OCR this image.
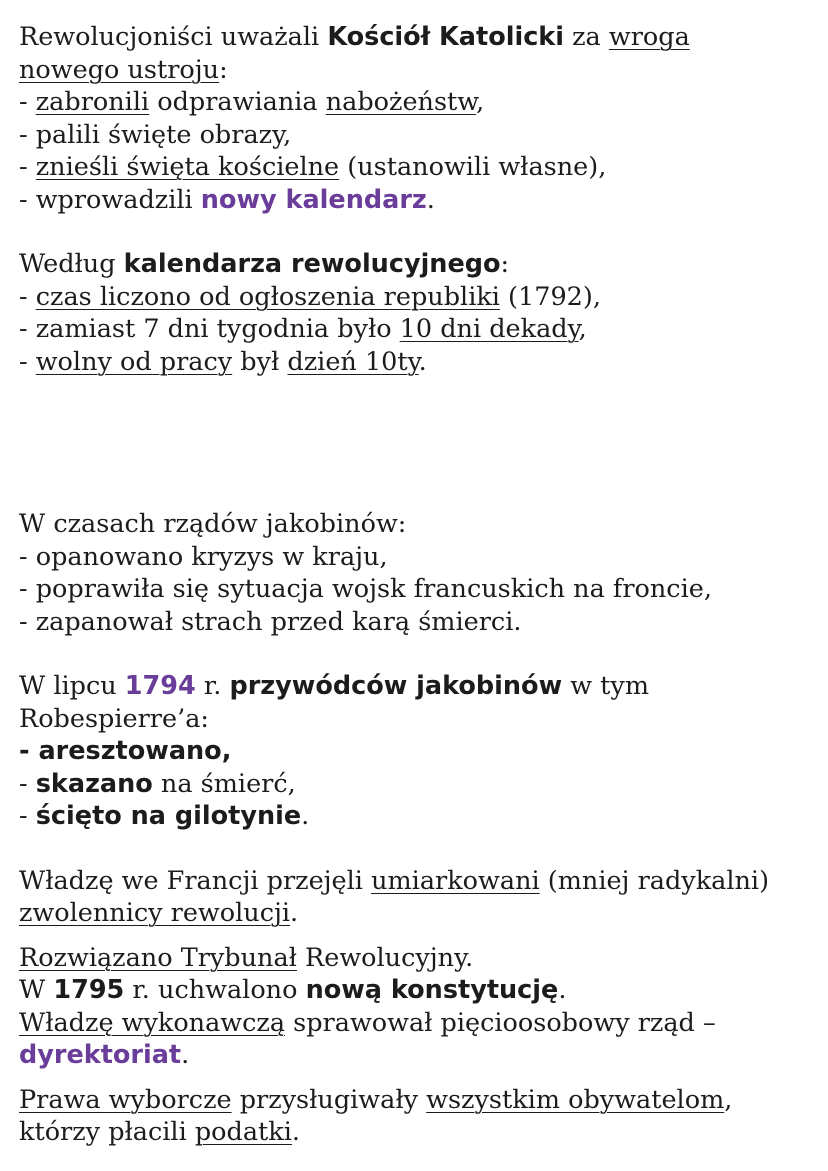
Rewolucjoniści uważali Kościół Katolicki za wroga
nowego ustroju:
- zabronili odprawiania nabożeństw,
- palili święte obrazy,
- znieśli święta kościelne (ustanowili własne),
- wprowadzili nowy kalendarz.
Według kalendarza rewolucyjnego:
- czas liczono od ogłoszenia republiki (1792),
- zamiast 7 dni tygodnia było 10 dni dekady,
- wolny od pracy był dzień 10ty.
W czasach rządów jakobinów:
- opanowano kryzys w kraju,
- poprawiła się sytuacja wojsk francuskich na froncie,
- zapanował strach przed karą śmierci.
W lipcu 1794 r. przywódców jakobinów w tym
Robespierre’a:
- aresztowano,
- skazano na śmierć,
- ścięto na gilotynie.
Władzę we Francji przejęli umiarkowani (mniej radykalni)
zwolennicy rewolucji.
Rozwiązano Trybunał Rewolucyjny.
W 1795 r. uchwalono nową konstytucję.
Władzę wykonawczą sprawował pięcioosobowy rząd –
dyrektoriat.
Prawa wyborcze przysługiwały wszystkim obywatelom,
którzy płacili podatki.
